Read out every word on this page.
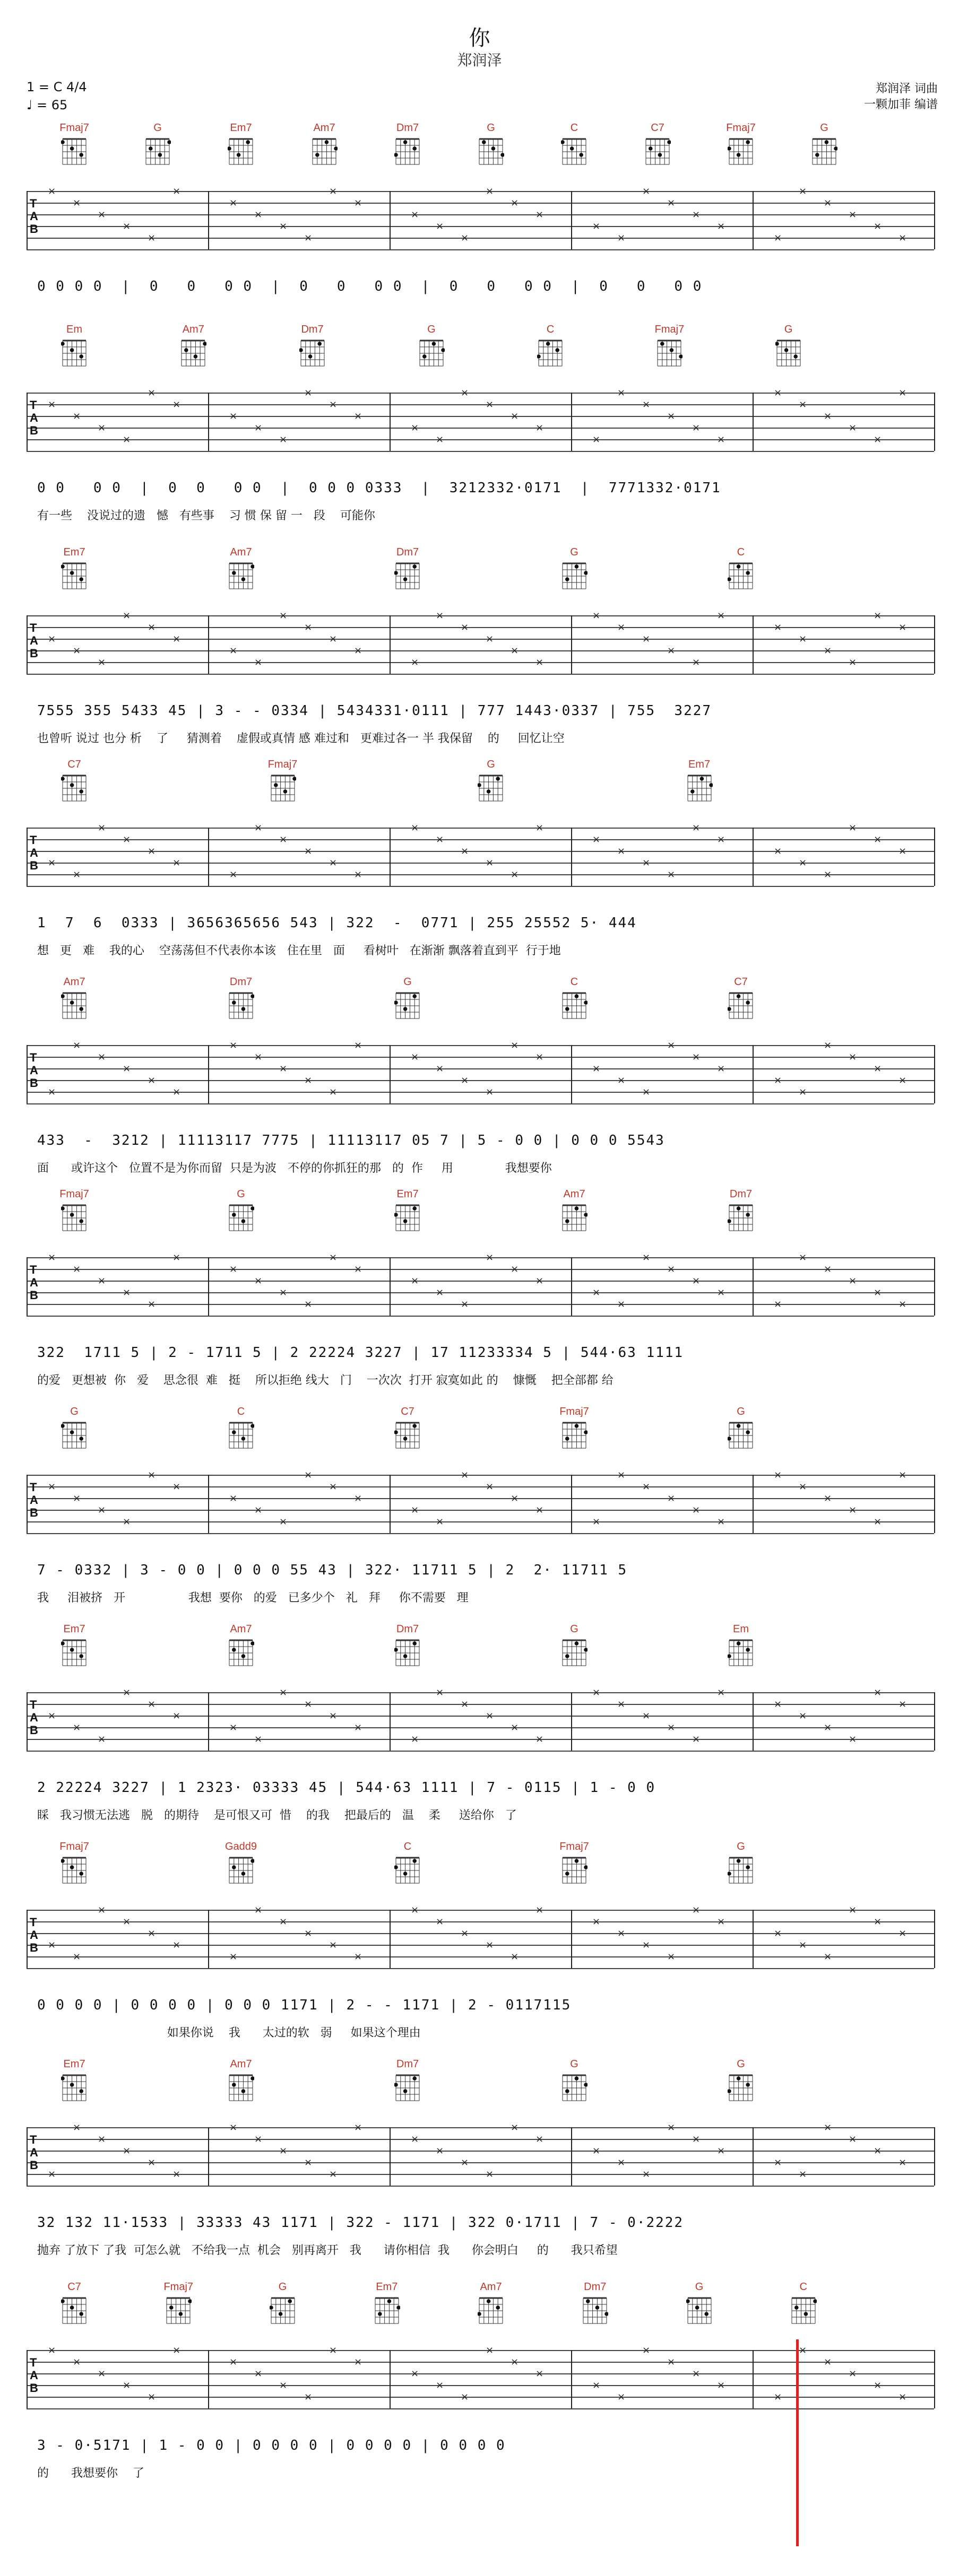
你
郑润泽
1 = C 4/4
♩ = 65
郑润泽 词曲
一颗加菲 编谱
Fmaj7	G	Em7	Am7	Dm7	G	C	C7	Fmaj7	G
T
A
B
×
×
×
×
×
×
×
×
×
×
×
×
×
×
×
×
×
×
×
×
×
×
×
×
×
×
×
×
×
×
0 0 0 0  |  0   0   0 0  |  0   0   0 0  |  0   0   0 0  |  0   0   0 0
Em	Am7	Dm7	G	C	Fmaj7	G
T
A
B
×
×
×
×
×
×
×
×
×
×
×
×
×
×
×
×
×
×
×
×
×
×
×
×
×
×
×
×
×
×
0 0   0 0  |  0  0   0 0  |  0 0 0 0333  |  3212332·0171  |  7771332·0171
有一些    没说过的遗   憾   有些事    习 惯 保 留 一   段    可能你
Em7	Am7	Dm7	G	C
T
A
B
×
×
×
×
×
×
×
×
×
×
×
×
×
×
×
×
×
×
×
×
×
×
×
×
×
×
×
×
×
×
7555 355 5433 45 | 3 - - 0334 | 5434331·0111 | 777 1443·0337 | 755  3227
也曾听 说过 也分 析    了     猜测着    虚假或真情 感 难过和   更难过各一 半 我保留    的     回忆让空
C7	Fmaj7	G	Em7
T
A
B ×
×
×
×
×
×
×
×
×
×
×
×
×
×
×
×
×
×
×
×
×
×
×
×
×
×
×
×
×
×
1  7  6  0333 | 3656365656 543 | 322  -  0771 | 255 25552 5· 444
想   更   难    我的心    空荡荡但不代表你本该   住在里   面     看树叶   在渐渐 飘落着直到平  行于地
Am7	Dm7	G	C	C7
T
A
B
×
×
×
×
×
×
×
×
×
×
×
×
×
×
×
×
×
×
×
×
×
×
×
×
×
×
×
×
×
×
433  -  3212 | 11113117 7775 | 11113117 05 7 | 5 - 0 0 | 0 0 0 5543
面      或许这个   位置不是为你而留  只是为波   不停的你抓狂的那   的  作     用              我想要你
Fmaj7	G	Em7	Am7	Dm7
T
A
B
×
×
×
×
×
×
×
×
×
×
×
×
×
×
×
×
×
×
×
×
×
×
×
×
×
×
×
×
×
×
322  1711 5 | 2 - 1711 5 | 2 22224 3227 | 17 11233334 5 | 544·63 1111
的爱   更想被  你   爱    思念很  难   挺    所以拒绝 线大   门    一次次  打开 寂寞如此 的    慷慨    把全部都 给
G	C	C7	Fmaj7	G
T
A
B
×
×
×
×
×
×
×
×
×
×
×
×
×
×
×
×
×
×
×
×
×
×
×
×
×
×
×
×
×
×
7 - 0332 | 3 - 0 0 | 0 0 0 55 43 | 322· 11711 5 | 2  2· 11711 5
我     泪被挤   开                 我想  要你   的爱   已多少个   礼   拜     你不需要   理
Em7	Am7	Dm7	G	Em
T
A
B
×
×
×
×
×
×
×
×
×
×
×
×
×
×
×
×
×
×
×
×
×
×
×
×
×
×
×
×
×
×
2 22224 3227 | 1 2323· 03333 45 | 544·63 1111 | 7 - 0115 | 1 - 0 0
睬   我习惯无法逃   脱   的期待    是可恨又可  惜    的我    把最后的   温    柔     送给你   了
Fmaj7	Gadd9	C	Fmaj7	G
T
A
B ×
×
×
×
×
×
×
×
×
×
×
×
×
×
×
×
×
×
×
×
×
×
×
×
×
×
×
×
×
×
0 0 0 0 | 0 0 0 0 | 0 0 0 1171 | 2 - - 1171 | 2 - 0117115
如果你说    我      太过的软   弱     如果这个理由
Em7	Am7	Dm7	G	G
T
A
B
×
×
×
×
×
×
×
×
×
×
×
×
×
×
×
×
×
×
×
×
×
×
×
×
×
×
×
×
×
×
32 132 11·1533 | 33333 43 1171 | 322 - 1171 | 322 0·1711 | 7 - 0·2222
抛弃 了放下 了我  可怎么就   不给我一点  机会   别再离开   我      请你相信  我      你会明白     的      我只希望
C7	Fmaj7	G	Em7	Am7	Dm7	G	C
T
A
B
×
×
×
×
×
×
×
×
×
×
×
×
×
×
×
×
×
×
×
×
×
×
×
×
×
×
×
×
×
×
3 - 0·5171 | 1 - 0 0 | 0 0 0 0 | 0 0 0 0 | 0 0 0 0
的      我想要你    了
